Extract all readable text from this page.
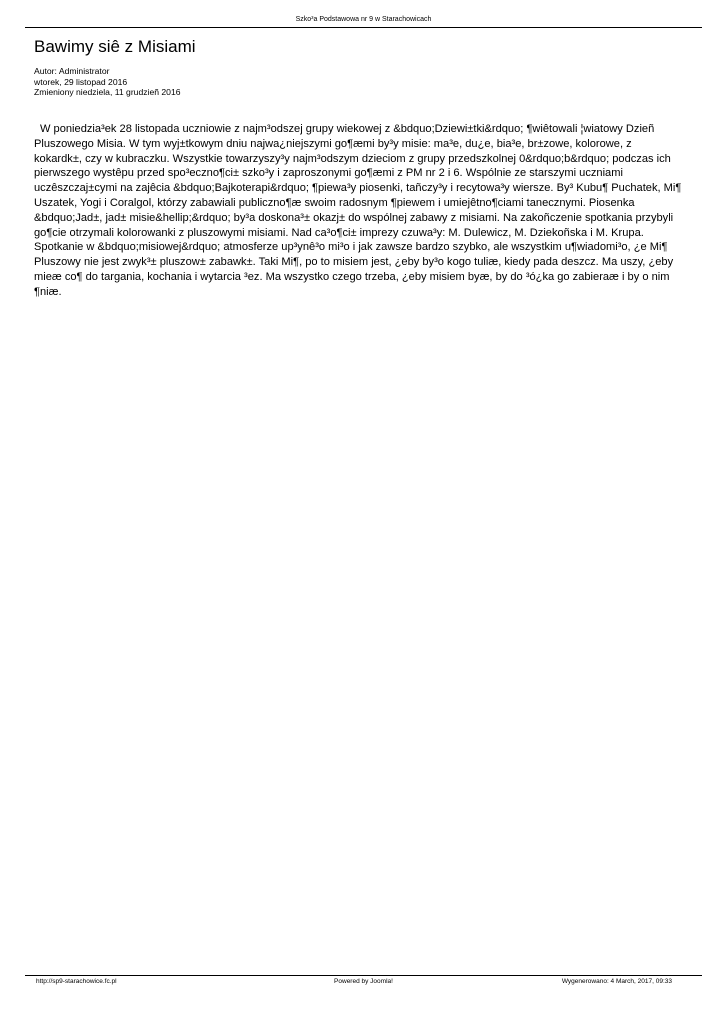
Szko³a Podstawowa nr 9 w Starachowicach
Bawimy siê z Misiami
Autor: Administrator
wtorek, 29 listopad 2016
Zmieniony niedziela, 11 grudzieñ 2016

W poniedzia³ek 28 listopada uczniowie z najm³odszej grupy wiekowej z &bdquo;Dziewi±tki&rdquo; ¶wiêtowali ¦wiatowy Dzieñ Pluszowego Misia. W tym wyj±tkowym dniu najwa¿niejszymi go¶æmi by³y misie: ma³e, du¿e, bia³e, br±zowe, kolorowe, z kokardk±, czy w kubraczku. Wszystkie towarzyszy³y najm³odszym dzieciom z grupy przedszkolnej 0&rdquo;b&rdquo; podczas ich pierwszego wystêpu przed spo³eczno¶ci± szko³y i zaproszonymi go¶æmi z PM nr 2 i 6. Wspólnie ze starszymi uczniami uczêszczaj±cymi na zajêcia &bdquo;Bajkoterapi&rdquo; ¶piewa³y piosenki, tañczy³y i recytowa³y wiersze. By³ Kubu¶ Puchatek, Mi¶ Uszatek, Yogi i Coralgol, którzy zabawiali publiczno¶æ swoim radosnym ¶piewem i umiejêtno¶ciami tanecznymi. Piosenka &bdquo;Jad±, jad± misie&hellip;&rdquo; by³a doskona³± okazj± do wspólnej zabawy z misiami. Na zakoñczenie spotkania przybyli go¶cie otrzymali kolorowanki z pluszowymi misiami. Nad ca³o¶ci± imprezy czuwa³y: M. Dulewicz, M. Dziekoñska i M. Krupa. Spotkanie w &bdquo;misiowej&rdquo; atmosferze up³ynê³o mi³o i jak zawsze bardzo szybko, ale wszystkim u¶wiadomi³o, ¿e Mi¶ Pluszowy nie jest zwyk³± pluszow± zabawk±. Taki Mi¶, po to misiem jest, ¿eby by³o kogo tuliæ, kiedy pada deszcz. Ma uszy, ¿eby mieæ co¶ do targania, kochania i wytarcia ³ez. Ma wszystko czego trzeba, ¿eby misiem byæ, by do ³ó¿ka go zabieraæ i by o nim ¶niæ.

http://sp9-starachowice.fc.pl	Powered by Joomla!	Wygenerowano: 4 March, 2017, 09:33
